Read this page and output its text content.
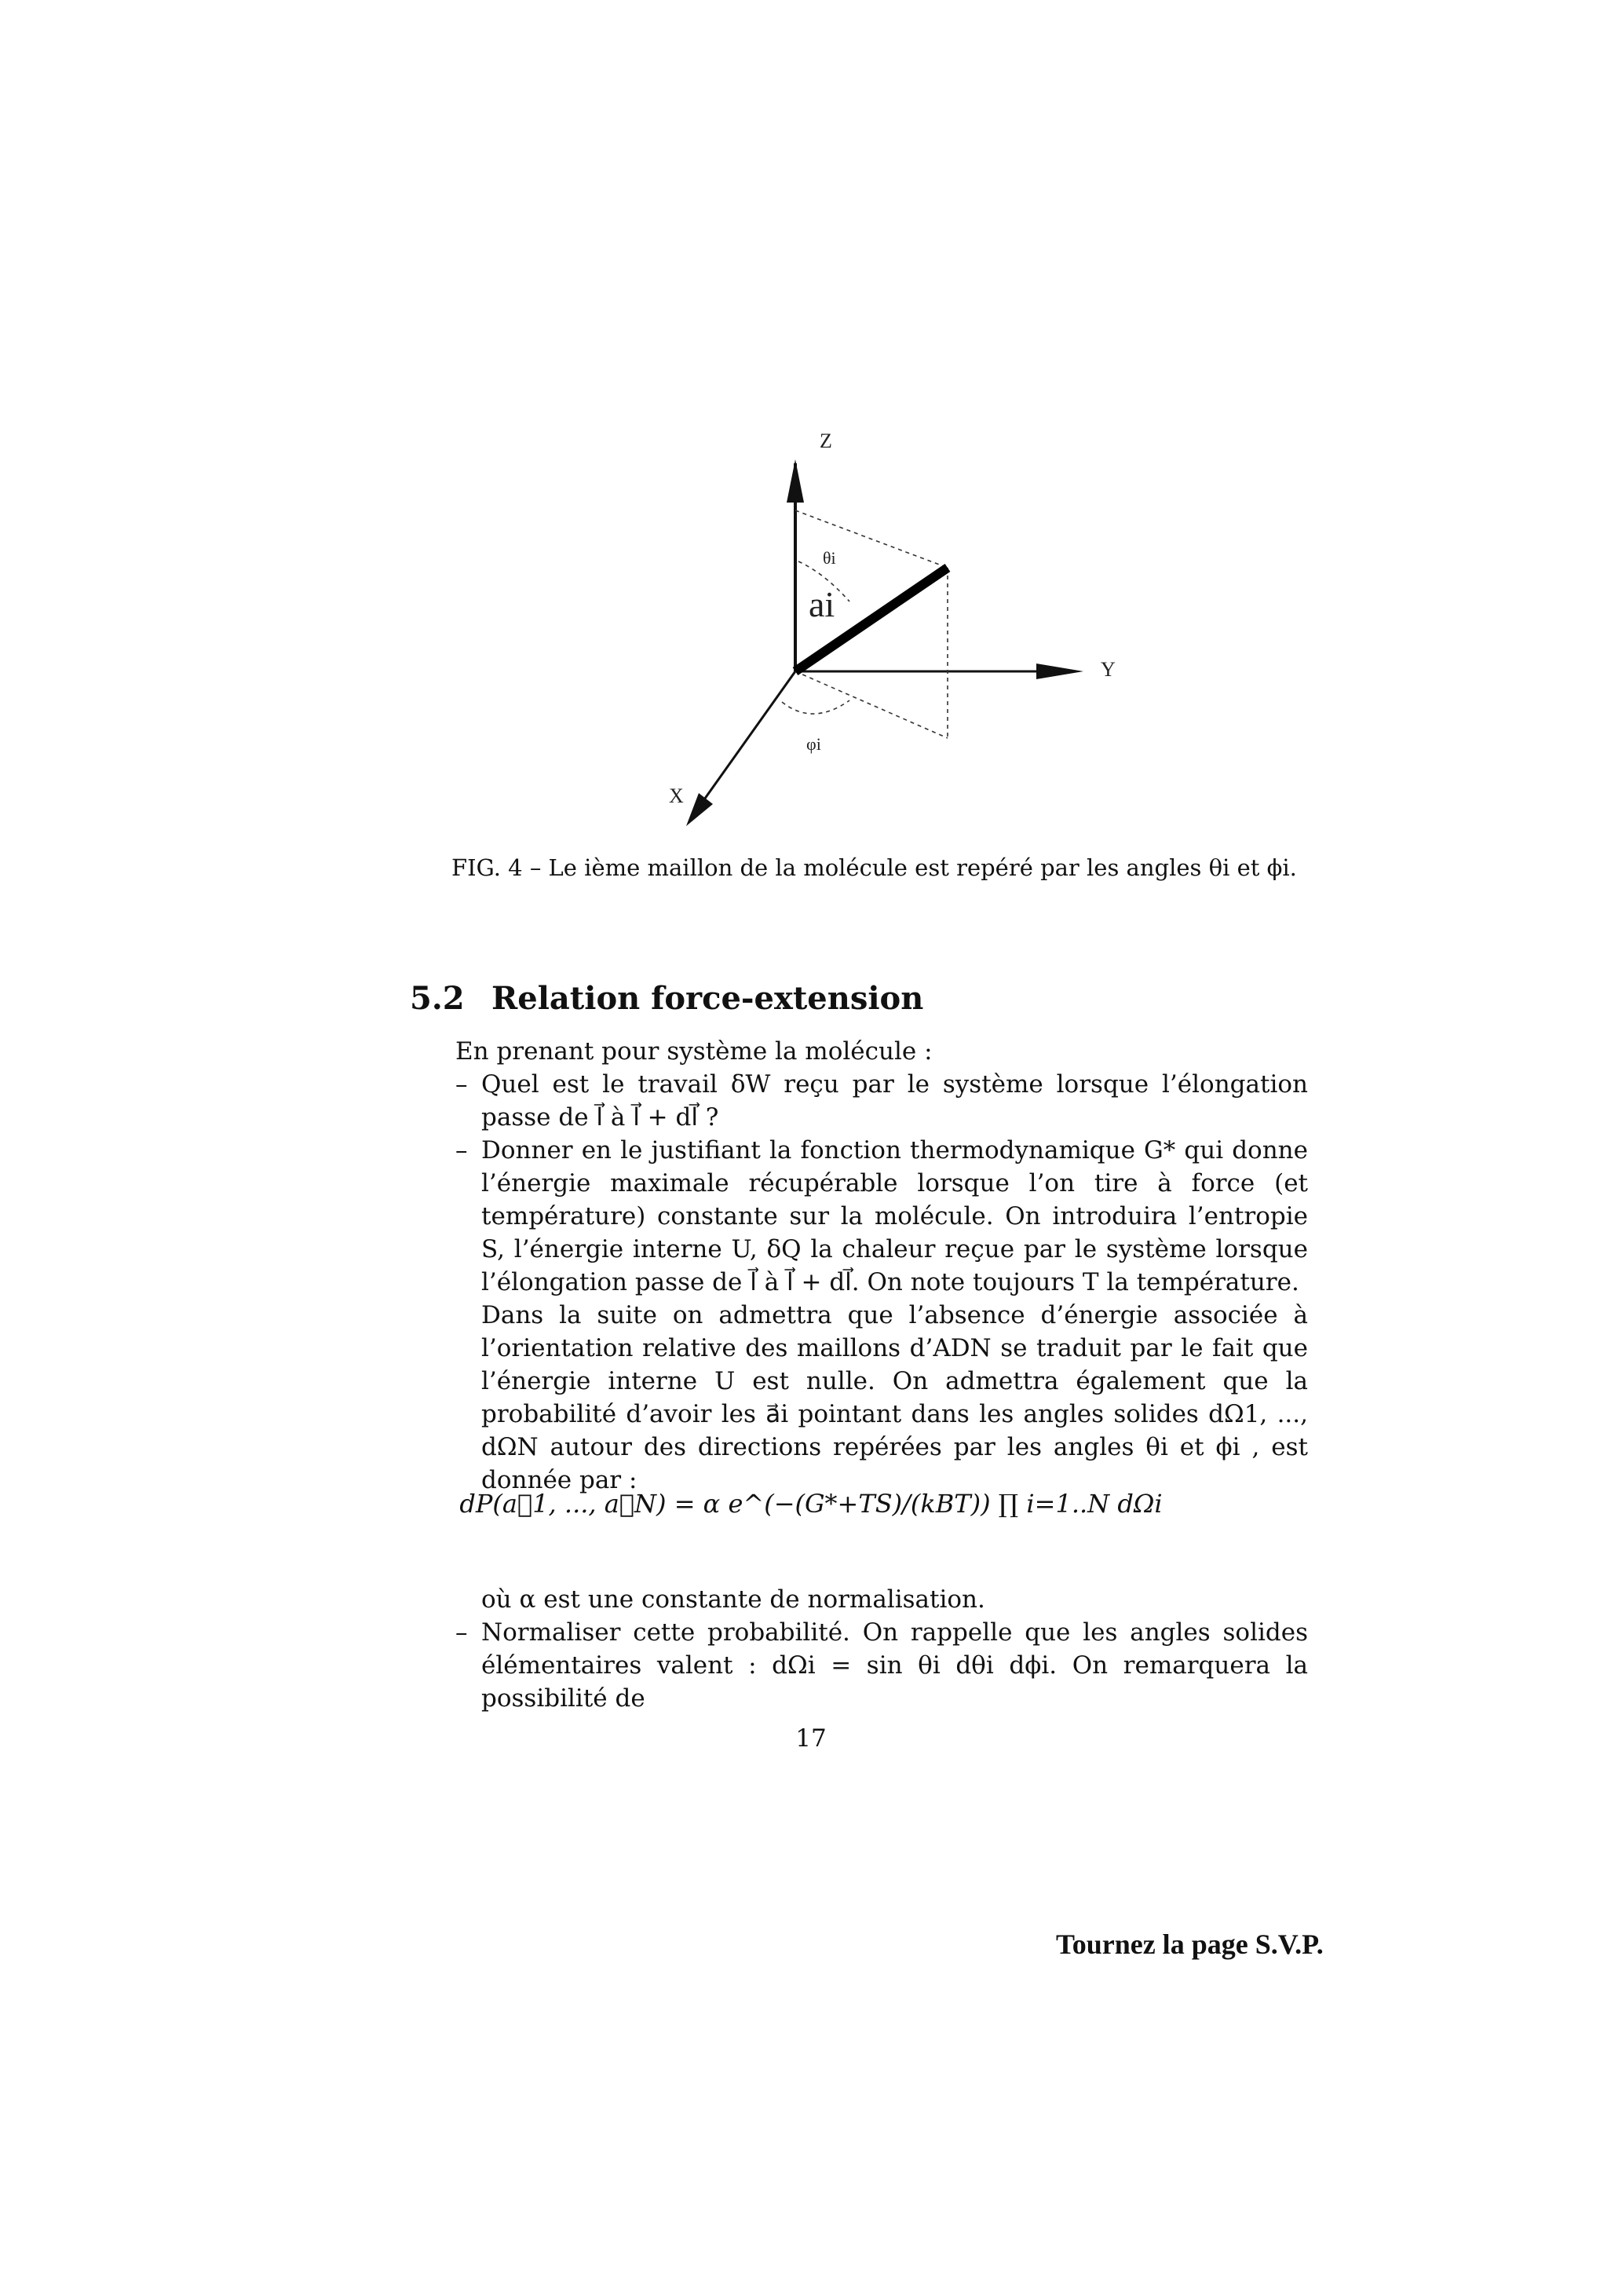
Z
Y
X
θi
φi
ai
FIG. 4 – Le ième maillon de la molécule est repéré par les angles θi et ϕi.
5.2 Relation force-extension

En prenant pour système la molécule :

– Quel est le travail δW reçu par le système lorsque l’élongation passe de l⃗ à l⃗ + dl⃗ ?

– Donner en le justifiant la fonction thermodynamique G* qui donne l’énergie maximale récupérable lorsque l’on tire à force (et température) constante sur la molécule. On introduira l’entropie S, l’énergie interne U, δQ la chaleur reçue par le système lorsque l’élongation passe de l⃗ à l⃗ + dl⃗. On note toujours T la température.

Dans la suite on admettra que l’absence d’énergie associée à l’orientation relative des maillons d’ADN se traduit par le fait que l’énergie interne U est nulle. On admettra également que la probabilité d’avoir les a⃗i pointant dans les angles solides dΩ1, ..., dΩN autour des directions repérées par les angles θi et ϕi , est donnée par :

dP(a⃗1, ..., a⃗N) = α e^(−(G*+TS)/(kBT)) ∏ i=1..N dΩi

où α est une constante de normalisation.

– Normaliser cette probabilité. On rappelle que les angles solides élémentaires valent : dΩi = sin θi dθi dϕi. On remarquera la possibilité de

17
Tournez la page S.V.P.
